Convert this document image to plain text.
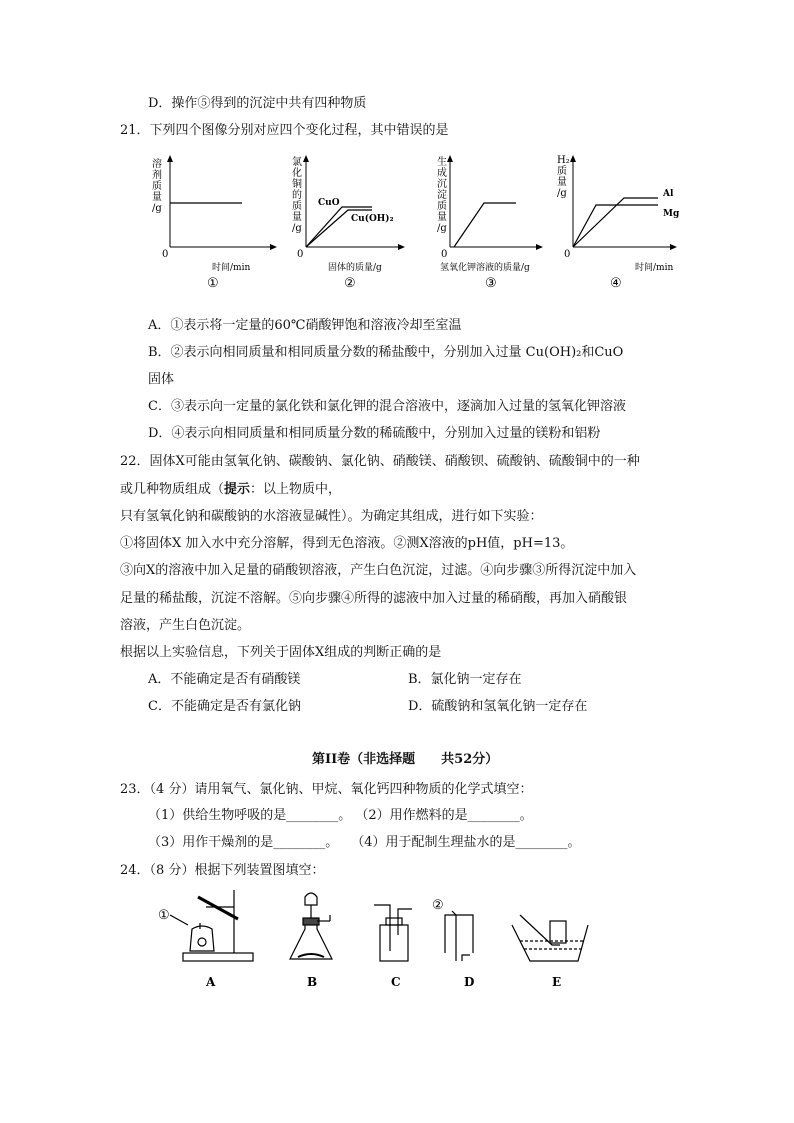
D．操作⑤得到的沉淀中共有四种物质
21．下列四个图像分别对应四个变化过程，其中错误的是
溶剂质量/g
0
时间/min
①
CuO
Cu(OH)₂
氯化铜的质量/g
0
固体的质量/g
②
生成沉淀质量/g
0
氢氧化钾溶液的质量/g
③
Al
Mg
H₂ 质量/g
0
时间/min
④
A．①表示将一定量的60℃硝酸钾饱和溶液冷却至室温
B．②表示向相同质量和相同质量分数的稀盐酸中，分别加入过量 Cu(OH)₂和CuO
固体
C．③表示向一定量的氯化铁和氯化钾的混合溶液中，逐滴加入过量的氢氧化钾溶液
D．④表示向相同质量和相同质量分数的稀硫酸中，分别加入过量的镁粉和铝粉
22．固体X可能由氢氧化钠、碳酸钠、氯化钠、硝酸镁、硝酸钡、硫酸钠、硫酸铜中的一种
或几种物质组成（提示：以上物质中，
只有氢氧化钠和碳酸钠的水溶液显碱性）。为确定其组成，进行如下实验：
①将固体X 加入水中充分溶解，得到无色溶液。②测X溶液的pH值，pH=13。
③向X的溶液中加入足量的硝酸钡溶液，产生白色沉淀，过滤。④向步骤③所得沉淀中加入
足量的稀盐酸，沉淀不溶解。⑤向步骤④所得的滤液中加入过量的稀硝酸，再加入硝酸银
溶液，产生白色沉淀。
根据以上实验信息，下列关于固体X组成的判断正确的是
A．不能确定是否有硝酸镁	B．氯化钠一定存在
C．不能确定是否有氯化钠	D．硫酸钠和氢氧化钠一定存在
第II卷（非选择题　　共52分）
23．（4 分）请用氧气、氯化钠、甲烷、氧化钙四种物质的化学式填空：
（1）供给生物呼吸的是________。 （2）用作燃料的是________。
（3）用作干燥剂的是________。　　（4）用于配制生理盐水的是________。
24．（8 分）根据下列装置图填空：
①
②
A	B	C	D	E
